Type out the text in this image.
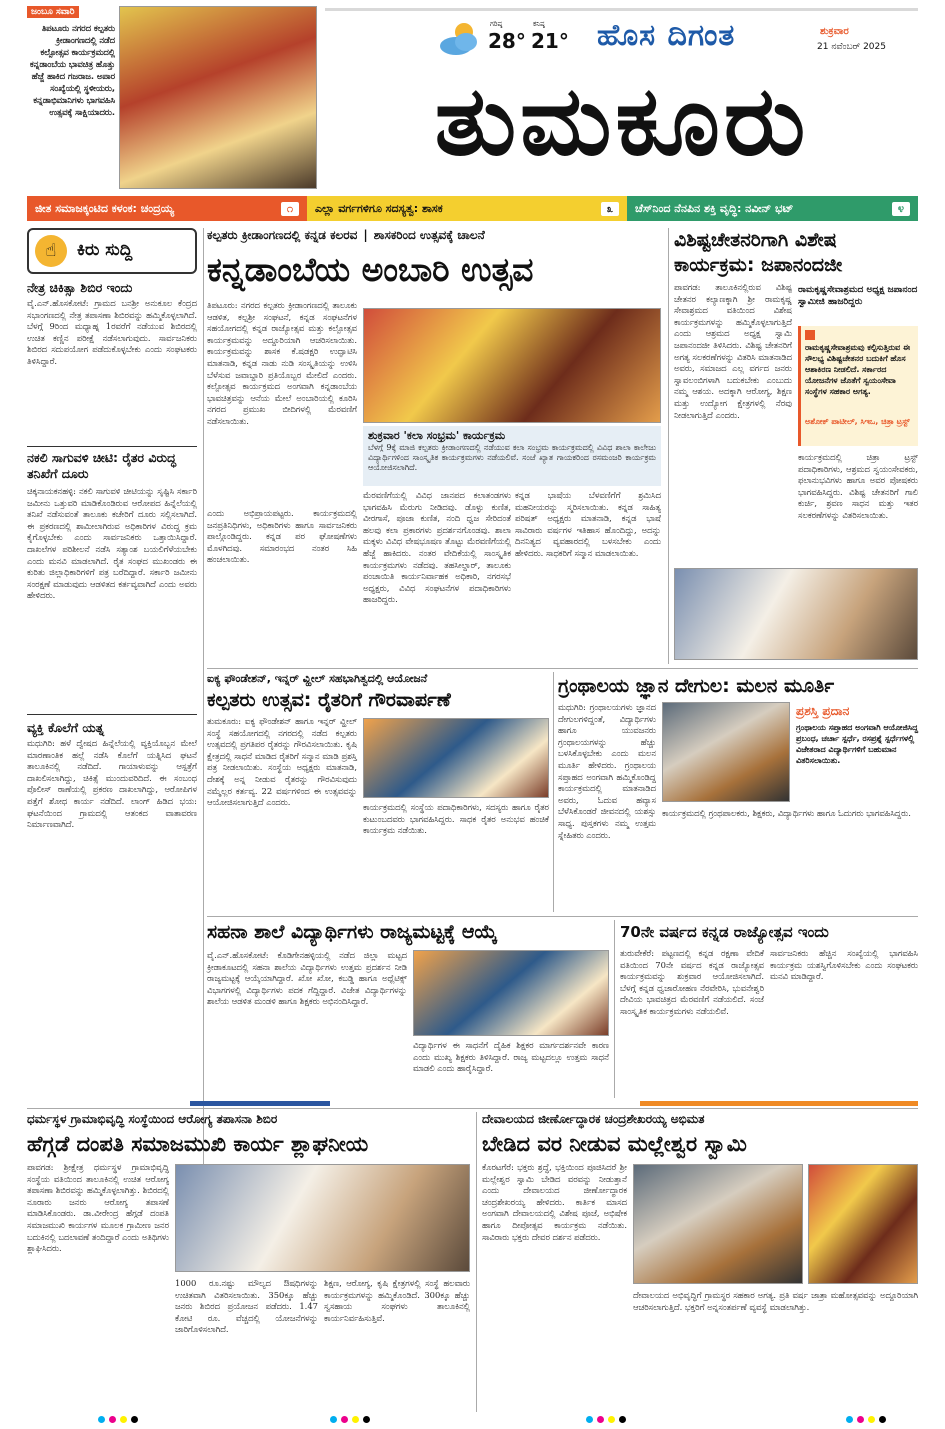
ಜಂಬೂ ಸವಾರಿ
ತಿಪಟೂರು ನಗರದ ಕಲ್ಪತರು ಕ್ರೀಡಾಂಗಣದಲ್ಲಿ ನಡೆದ ಕಲ್ಪೋತ್ಸವ ಕಾರ್ಯಕ್ರಮದಲ್ಲಿ ಕನ್ನಡಾಂಬೆಯ ಭಾವಚಿತ್ರ ಹೊತ್ತು ಹೆಜ್ಜೆ ಹಾಕಿದ ಗಜರಾಜ. ಅಪಾರ ಸಂಖ್ಯೆಯಲ್ಲಿ ಸ್ಥಳೀಯರು, ಕನ್ನಡಾಭಿಮಾನಿಗಳು ಭಾಗವಹಿಸಿ ಉತ್ಸವಕ್ಕೆ ಸಾಕ್ಷಿಯಾದರು.
ಗರಿಷ್ಠ
28°
ಕನಿಷ್ಠ
21° ಹೊಸ ದಿಗಂತ	ಶುಕ್ರವಾರ
21 ನವೆಂಬರ್ 2025
ತುಮಕೂರು
ಜೀತ ಸಮಾಜಕ್ಕಂಟಿದ ಕಳಂಕ: ಚಂದ್ರಯ್ಯ	೧	ಎಲ್ಲಾ ವರ್ಗಗಳಿಗೂ ಸದಸ್ಯತ್ವ: ಶಾಸಕ	೩	ಚೆಸ್‌ನಿಂದ ನೆನಪಿನ ಶಕ್ತಿ ವೃದ್ಧಿ: ನವೀನ್ ಭಟ್	೪
☝	ಕಿರು ಸುದ್ದಿ
ನೇತ್ರ ಚಿಕಿತ್ಸಾ ಶಿಬಿರ ಇಂದು
ವೈ.ಎನ್.ಹೊಸಕೋಟೆ: ಗ್ರಾಮದ ಬನಶ್ರೀ ಅನುಕೂಲ ಕೆಂದ್ರದ ಸಭಾಂಗಣದಲ್ಲಿ ನೇತ್ರ ತಪಾಸಣಾ ಶಿಬಿರವನ್ನು ಹಮ್ಮಿಕೊಳ್ಳಲಾಗಿದೆ. ಬೆಳಗ್ಗೆ 9ರಿಂದ ಮಧ್ಯಾಹ್ನ 1ರವರೆಗೆ ನಡೆಯುವ ಶಿಬಿರದಲ್ಲಿ ಉಚಿತ ಕಣ್ಣಿನ ಪರೀಕ್ಷೆ ನಡೆಸಲಾಗುವುದು. ಸಾರ್ವಜನಿಕರು ಶಿಬಿರದ ಸದುಪಯೋಗ ಪಡೆದುಕೊಳ್ಳಬೇಕು ಎಂದು ಸಂಘಟಕರು ತಿಳಿಸಿದ್ದಾರೆ.
ನಕಲಿ ಸಾಗುವಳಿ ಚೀಟಿ: ರೈತರ ವಿರುದ್ಧ ತನಿಖೆಗೆ ದೂರು
ಚಿಕ್ಕನಾಯಕನಹಳ್ಳಿ: ನಕಲಿ ಸಾಗುವಳಿ ಚೀಟಿಯನ್ನು ಸೃಷ್ಟಿಸಿ ಸರ್ಕಾರಿ ಜಮೀನು ಒತ್ತುವರಿ ಮಾಡಿಕೊಂಡಿರುವ ಆರೋಪದ ಹಿನ್ನೆಲೆಯಲ್ಲಿ ತನಿಖೆ ನಡೆಸುವಂತೆ ತಾಲೂಕು ಕಚೇರಿಗೆ ದೂರು ಸಲ್ಲಿಸಲಾಗಿದೆ. ಈ ಪ್ರಕರಣದಲ್ಲಿ ಶಾಮೀಲಾಗಿರುವ ಅಧಿಕಾರಿಗಳ ವಿರುದ್ಧ ಕ್ರಮ ಕೈಗೊಳ್ಳಬೇಕು ಎಂದು ಸಾರ್ವಜನಿಕರು ಒತ್ತಾಯಿಸಿದ್ದಾರೆ. ದಾಖಲೆಗಳ ಪರಿಶೀಲನೆ ನಡೆಸಿ ಸತ್ಯಾಂಶ ಬಯಲಿಗೆಳೆಯಬೇಕು ಎಂದು ಮನವಿ ಮಾಡಲಾಗಿದೆ. ರೈತ ಸಂಘದ ಮುಖಂಡರು ಈ ಕುರಿತು ಜಿಲ್ಲಾಧಿಕಾರಿಗಳಿಗೆ ಪತ್ರ ಬರೆದಿದ್ದಾರೆ. ಸರ್ಕಾರಿ ಜಮೀನು ಸಂರಕ್ಷಣೆ ಮಾಡುವುದು ಆಡಳಿತದ ಕರ್ತವ್ಯವಾಗಿದೆ ಎಂದು ಅವರು ಹೇಳಿದರು.
ವ್ಯಕ್ತಿ ಕೊಲೆಗೆ ಯತ್ನ
ಮಧುಗಿರಿ: ಹಳೆ ದ್ವೇಷದ ಹಿನ್ನೆಲೆಯಲ್ಲಿ ವ್ಯಕ್ತಿಯೊಬ್ಬನ ಮೇಲೆ ಮಾರಣಾಂತಿಕ ಹಲ್ಲೆ ನಡೆಸಿ ಕೊಲೆಗೆ ಯತ್ನಿಸಿದ ಘಟನೆ ತಾಲೂಕಿನಲ್ಲಿ ನಡೆದಿದೆ. ಗಾಯಾಳುವನ್ನು ಆಸ್ಪತ್ರೆಗೆ ದಾಖಲಿಸಲಾಗಿದ್ದು, ಚಿಕಿತ್ಸೆ ಮುಂದುವರಿದಿದೆ. ಈ ಸಂಬಂಧ ಪೊಲೀಸ್ ಠಾಣೆಯಲ್ಲಿ ಪ್ರಕರಣ ದಾಖಲಾಗಿದ್ದು, ಆರೋಪಿಗಳ ಪತ್ತೆಗೆ ಶೋಧ ಕಾರ್ಯ ನಡೆದಿದೆ. ಲಾಂಗ್ ಹಿಡಿದ ಭಯ: ಘಟನೆಯಿಂದ ಗ್ರಾಮದಲ್ಲಿ ಆತಂಕದ ವಾತಾವರಣ ನಿರ್ಮಾಣವಾಗಿದೆ.
ಕಲ್ಪತರು ಕ್ರೀಡಾಂಗಣದಲ್ಲಿ ಕನ್ನಡ ಕಲರವ | ಶಾಸಕರಿಂದ ಉತ್ಸವಕ್ಕೆ ಚಾಲನೆ
ಕನ್ನಡಾಂಬೆಯ ಅಂಬಾರಿ ಉತ್ಸವ
ತಿಪಟೂರು: ನಗರದ ಕಲ್ಪತರು ಕ್ರೀಡಾಂಗಣದಲ್ಲಿ ತಾಲೂಕು ಆಡಳಿತ, ಕಲ್ಪಶ್ರೀ ಸಂಘಟನೆ, ಕನ್ನಡ ಸಂಘಟನೆಗಳ ಸಹಯೋಗದಲ್ಲಿ ಕನ್ನಡ ರಾಜ್ಯೋತ್ಸವ ಮತ್ತು ಕಲ್ಪೋತ್ಸವ ಕಾರ್ಯಕ್ರಮವನ್ನು ಅದ್ದೂರಿಯಾಗಿ ಆಚರಿಸಲಾಯಿತು. ಕಾರ್ಯಕ್ರಮವನ್ನು ಶಾಸಕ ಕೆ.ಷಡಕ್ಷರಿ ಉದ್ಘಾಟಿಸಿ ಮಾತನಾಡಿ, ಕನ್ನಡ ನಾಡು ನುಡಿ ಸಂಸ್ಕೃತಿಯನ್ನು ಉಳಿಸಿ ಬೆಳೆಸುವ ಜವಾಬ್ದಾರಿ ಪ್ರತಿಯೊಬ್ಬರ ಮೇಲಿದೆ ಎಂದರು. ಕಲ್ಪೋತ್ಸವ ಕಾರ್ಯಕ್ರಮದ ಅಂಗವಾಗಿ ಕನ್ನಡಾಂಬೆಯ ಭಾವಚಿತ್ರವನ್ನು ಆನೆಯ ಮೇಲೆ ಅಂಬಾರಿಯಲ್ಲಿ ಕೂರಿಸಿ ನಗರದ ಪ್ರಮುಖ ಬೀದಿಗಳಲ್ಲಿ ಮೆರವಣಿಗೆ ನಡೆಸಲಾಯಿತು.
ಶುಕ್ರವಾರ 'ಕಲಾ ಸಂಭ್ರಮ' ಕಾರ್ಯಕ್ರಮ
ಬೆಳಗ್ಗೆ 9ಕ್ಕೆ ಮಾಜಿ ಕಲ್ಪತರು ಕ್ರೀಡಾಂಗಣದಲ್ಲಿ ನಡೆಯುವ ಕಲಾ ಸಂಭ್ರಮ ಕಾರ್ಯಕ್ರಮದಲ್ಲಿ ವಿವಿಧ ಶಾಲಾ ಕಾಲೇಜು ವಿದ್ಯಾರ್ಥಿಗಳಿಂದ ಸಾಂಸ್ಕೃತಿಕ ಕಾರ್ಯಕ್ರಮಗಳು ನಡೆಯಲಿವೆ. ಸಂಜೆ ಖ್ಯಾತ ಗಾಯಕರಿಂದ ರಸಮಂಜರಿ ಕಾರ್ಯಕ್ರಮ ಆಯೋಜಿಸಲಾಗಿದೆ.
ಮೆರವಣಿಗೆಯಲ್ಲಿ ವಿವಿಧ ಜಾನಪದ ಕಲಾತಂಡಗಳು ಭಾಗವಹಿಸಿ ಮೆರುಗು ನೀಡಿದವು. ಡೊಳ್ಳು ಕುಣಿತ, ವೀರಗಾಸೆ, ಪೂಜಾ ಕುಣಿತ, ನಂದಿ ಧ್ವಜ ಸೇರಿದಂತೆ ಹಲವು ಕಲಾ ಪ್ರಕಾರಗಳು ಪ್ರದರ್ಶನಗೊಂಡವು. ಶಾಲಾ ಮಕ್ಕಳು ವಿವಿಧ ವೇಷಭೂಷಣ ತೊಟ್ಟು ಮೆರವಣಿಗೆಯಲ್ಲಿ ಹೆಜ್ಜೆ ಹಾಕಿದರು. ನಂತರ ವೇದಿಕೆಯಲ್ಲಿ ಸಾಂಸ್ಕೃತಿಕ ಕಾರ್ಯಕ್ರಮಗಳು ನಡೆದವು. ತಹಸೀಲ್ದಾರ್, ತಾಲೂಕು ಪಂಚಾಯಿತಿ ಕಾರ್ಯನಿರ್ವಾಹಕ ಅಧಿಕಾರಿ, ನಗರಸಭೆ ಅಧ್ಯಕ್ಷರು, ವಿವಿಧ ಸಂಘಟನೆಗಳ ಪದಾಧಿಕಾರಿಗಳು ಹಾಜರಿದ್ದರು.
ಕನ್ನಡ ಭಾಷೆಯ ಬೆಳವಣಿಗೆಗೆ ಶ್ರಮಿಸಿದ ಮಹನೀಯರನ್ನು ಸ್ಮರಿಸಲಾಯಿತು. ಕನ್ನಡ ಸಾಹಿತ್ಯ ಪರಿಷತ್ ಅಧ್ಯಕ್ಷರು ಮಾತನಾಡಿ, ಕನ್ನಡ ಭಾಷೆ ಸಾವಿರಾರು ವರ್ಷಗಳ ಇತಿಹಾಸ ಹೊಂದಿದ್ದು, ಅದನ್ನು ದಿನನಿತ್ಯದ ವ್ಯವಹಾರದಲ್ಲಿ ಬಳಸಬೇಕು ಎಂದು ಹೇಳಿದರು. ಸಾಧಕರಿಗೆ ಸನ್ಮಾನ ಮಾಡಲಾಯಿತು.
ಎಂದು ಅಭಿಪ್ರಾಯಪಟ್ಟರು. ಕಾರ್ಯಕ್ರಮದಲ್ಲಿ ಜನಪ್ರತಿನಿಧಿಗಳು, ಅಧಿಕಾರಿಗಳು ಹಾಗೂ ಸಾರ್ವಜನಿಕರು ಪಾಲ್ಗೊಂಡಿದ್ದರು. ಕನ್ನಡ ಪರ ಘೋಷಣೆಗಳು ಮೊಳಗಿದವು. ಸಮಾರಂಭದ ನಂತರ ಸಿಹಿ ಹಂಚಲಾಯಿತು.
ವಿಶಿಷ್ಟಚೇತನರಿಗಾಗಿ ವಿಶೇಷ ಕಾರ್ಯಕ್ರಮ: ಜಪಾನಂದಜೀ
ಪಾವಗಡ: ತಾಲೂಕಿನಲ್ಲಿರುವ ವಿಶಿಷ್ಟ ಚೇತನರ ಕಲ್ಯಾಣಕ್ಕಾಗಿ ಶ್ರೀ ರಾಮಕೃಷ್ಣ ಸೇವಾಶ್ರಮದ ವತಿಯಿಂದ ವಿಶೇಷ ಕಾರ್ಯಕ್ರಮಗಳನ್ನು ಹಮ್ಮಿಕೊಳ್ಳಲಾಗುತ್ತಿದೆ ಎಂದು ಆಶ್ರಮದ ಅಧ್ಯಕ್ಷ ಸ್ವಾಮಿ ಜಪಾನಂದಜೀ ತಿಳಿಸಿದರು. ವಿಶಿಷ್ಟ ಚೇತನರಿಗೆ ಅಗತ್ಯ ಸಲಕರಣೆಗಳನ್ನು ವಿತರಿಸಿ ಮಾತನಾಡಿದ ಅವರು, ಸಮಾಜದ ಎಲ್ಲ ವರ್ಗದ ಜನರು ಸ್ವಾವಲಂಬಿಗಳಾಗಿ ಬದುಕಬೇಕು ಎಂಬುದು ನಮ್ಮ ಆಶಯ. ಅದಕ್ಕಾಗಿ ಆರೋಗ್ಯ, ಶಿಕ್ಷಣ ಮತ್ತು ಉದ್ಯೋಗ ಕ್ಷೇತ್ರಗಳಲ್ಲಿ ನೆರವು ನೀಡಲಾಗುತ್ತಿದೆ ಎಂದರು.
ರಾಮಕೃಷ್ಣಸೇವಾಶ್ರಮದ ಅಧ್ಯಕ್ಷ ಜಪಾನಂದ ಸ್ವಾಮೀಜಿ ಹಾಜರಿದ್ದರು
ರಾಮಕೃಷ್ಣಸೇವಾಶ್ರಮವು ಕಲ್ಪಿಸುತ್ತಿರುವ ಈ ಸೌಲಭ್ಯ ವಿಶಿಷ್ಟಚೇತನರ ಬದುಕಿಗೆ ಹೊಸ ಆಶಾಕಿರಣ ನೀಡಲಿದೆ. ಸರ್ಕಾರದ ಯೋಜನೆಗಳ ಜೊತೆಗೆ ಸ್ವಯಂಸೇವಾ ಸಂಸ್ಥೆಗಳ ಸಹಕಾರ ಅಗತ್ಯ.
ಅಶೋಕ್ ಪಾಟೀಲ್, ಸಿಇಒ, ಚಿತ್ರಾ ಟ್ರಸ್ಟ್
ಕಾರ್ಯಕ್ರಮದಲ್ಲಿ ಚಿತ್ರಾ ಟ್ರಸ್ಟ್ ಪದಾಧಿಕಾರಿಗಳು, ಆಶ್ರಮದ ಸ್ವಯಂಸೇವಕರು, ಫಲಾನುಭವಿಗಳು ಹಾಗೂ ಅವರ ಪೋಷಕರು ಭಾಗವಹಿಸಿದ್ದರು. ವಿಶಿಷ್ಟ ಚೇತನರಿಗೆ ಗಾಲಿ ಕುರ್ಚಿ, ಶ್ರವಣ ಸಾಧನ ಮತ್ತು ಇತರ ಸಲಕರಣೆಗಳನ್ನು ವಿತರಿಸಲಾಯಿತು.
ಐಕ್ಯ ಫೌಂಡೇಶನ್, ಇನ್ನರ್ ವ್ಹೀಲ್ ಸಹಭಾಗಿತ್ವದಲ್ಲಿ ಆಯೋಜನೆ
ಕಲ್ಪತರು ಉತ್ಸವ: ರೈತರಿಗೆ ಗೌರವಾರ್ಪಣೆ
ತುಮಕೂರು: ಐಕ್ಯ ಫೌಂಡೇಶನ್ ಹಾಗೂ ಇನ್ನರ್ ವ್ಹೀಲ್ ಸಂಸ್ಥೆ ಸಹಯೋಗದಲ್ಲಿ ನಗರದಲ್ಲಿ ನಡೆದ ಕಲ್ಪತರು ಉತ್ಸವದಲ್ಲಿ ಪ್ರಗತಿಪರ ರೈತರನ್ನು ಗೌರವಿಸಲಾಯಿತು. ಕೃಷಿ ಕ್ಷೇತ್ರದಲ್ಲಿ ಸಾಧನೆ ಮಾಡಿದ ರೈತರಿಗೆ ಸನ್ಮಾನ ಮಾಡಿ ಪ್ರಶಸ್ತಿ ಪತ್ರ ನೀಡಲಾಯಿತು. ಸಂಸ್ಥೆಯ ಅಧ್ಯಕ್ಷರು ಮಾತನಾಡಿ, ದೇಶಕ್ಕೆ ಅನ್ನ ನೀಡುವ ರೈತರನ್ನು ಗೌರವಿಸುವುದು ನಮ್ಮೆಲ್ಲರ ಕರ್ತವ್ಯ. 22 ವರ್ಷಗಳಿಂದ ಈ ಉತ್ಸವವನ್ನು ಆಯೋಜಿಸಲಾಗುತ್ತಿದೆ ಎಂದರು.	ಕಾರ್ಯಕ್ರಮದಲ್ಲಿ ಸಂಸ್ಥೆಯ ಪದಾಧಿಕಾರಿಗಳು, ಸದಸ್ಯರು ಹಾಗೂ ರೈತರ ಕುಟುಂಬದವರು ಭಾಗವಹಿಸಿದ್ದರು. ಸಾಧಕ ರೈತರ ಅನುಭವ ಹಂಚಿಕೆ ಕಾರ್ಯಕ್ರಮ ನಡೆಯಿತು.
ಗ್ರಂಥಾಲಯ ಜ್ಞಾನ ದೇಗುಲ: ಮಲನ ಮೂರ್ತಿ
ಮಧುಗಿರಿ: ಗ್ರಂಥಾಲಯಗಳು ಜ್ಞಾನದ ದೇಗುಲಗಳಿದ್ದಂತೆ, ವಿದ್ಯಾರ್ಥಿಗಳು ಹಾಗೂ ಯುವಜನರು ಗ್ರಂಥಾಲಯಗಳನ್ನು ಹೆಚ್ಚು ಬಳಸಿಕೊಳ್ಳಬೇಕು ಎಂದು ಮಲನ ಮೂರ್ತಿ ಹೇಳಿದರು. ಗ್ರಂಥಾಲಯ ಸಪ್ತಾಹದ ಅಂಗವಾಗಿ ಹಮ್ಮಿಕೊಂಡಿದ್ದ ಕಾರ್ಯಕ್ರಮದಲ್ಲಿ ಮಾತನಾಡಿದ ಅವರು, ಓದುವ ಹವ್ಯಾಸ ಬೆಳೆಸಿಕೊಂಡರೆ ಜೀವನದಲ್ಲಿ ಯಶಸ್ಸು ಸಾಧ್ಯ. ಪುಸ್ತಕಗಳು ನಮ್ಮ ಉತ್ತಮ ಸ್ನೇಹಿತರು ಎಂದರು.
ಪ್ರಶಸ್ತಿ ಪ್ರದಾನ
ಗ್ರಂಥಾಲಯ ಸಪ್ತಾಹದ ಅಂಗವಾಗಿ ಆಯೋಜಿಸಿದ್ದ ಪ್ರಬಂಧ, ಚರ್ಚಾ ಸ್ಪರ್ಧೆ, ರಸಪ್ರಶ್ನೆ ಸ್ಪರ್ಧೆಗಳಲ್ಲಿ ವಿಜೇತರಾದ ವಿದ್ಯಾರ್ಥಿಗಳಿಗೆ ಬಹುಮಾನ ವಿತರಿಸಲಾಯಿತು.
ಕಾರ್ಯಕ್ರಮದಲ್ಲಿ ಗ್ರಂಥಪಾಲಕರು, ಶಿಕ್ಷಕರು, ವಿದ್ಯಾರ್ಥಿಗಳು ಹಾಗೂ ಓದುಗರು ಭಾಗವಹಿಸಿದ್ದರು.
ಸಹನಾ ಶಾಲೆ ವಿದ್ಯಾರ್ಥಿಗಳು ರಾಜ್ಯಮಟ್ಟಕ್ಕೆ ಆಯ್ಕೆ
ವೈ.ಎನ್.ಹೊಸಕೋಟೆ: ಕೊಡಿಗೇನಹಳ್ಳಿಯಲ್ಲಿ ನಡೆದ ಜಿಲ್ಲಾ ಮಟ್ಟದ ಕ್ರೀಡಾಕೂಟದಲ್ಲಿ ಸಹನಾ ಶಾಲೆಯ ವಿದ್ಯಾರ್ಥಿಗಳು ಉತ್ತಮ ಪ್ರದರ್ಶನ ನೀಡಿ ರಾಜ್ಯಮಟ್ಟಕ್ಕೆ ಆಯ್ಕೆಯಾಗಿದ್ದಾರೆ. ಖೋ ಖೋ, ಕಬಡ್ಡಿ ಹಾಗೂ ಅಥ್ಲೆಟಿಕ್ಸ್ ವಿಭಾಗಗಳಲ್ಲಿ ವಿದ್ಯಾರ್ಥಿಗಳು ಪದಕ ಗೆದ್ದಿದ್ದಾರೆ. ವಿಜೇತ ವಿದ್ಯಾರ್ಥಿಗಳನ್ನು ಶಾಲೆಯ ಆಡಳಿತ ಮಂಡಳಿ ಹಾಗೂ ಶಿಕ್ಷಕರು ಅಭಿನಂದಿಸಿದ್ದಾರೆ.
ವಿದ್ಯಾರ್ಥಿಗಳ ಈ ಸಾಧನೆಗೆ ದೈಹಿಕ ಶಿಕ್ಷಕರ ಮಾರ್ಗದರ್ಶನವೇ ಕಾರಣ ಎಂದು ಮುಖ್ಯ ಶಿಕ್ಷಕರು ತಿಳಿಸಿದ್ದಾರೆ. ರಾಜ್ಯ ಮಟ್ಟದಲ್ಲೂ ಉತ್ತಮ ಸಾಧನೆ ಮಾಡಲಿ ಎಂದು ಹಾರೈಸಿದ್ದಾರೆ.
70ನೇ ವರ್ಷದ ಕನ್ನಡ ರಾಜ್ಯೋತ್ಸವ ಇಂದು
ತುರುವೇಕೆರೆ: ಪಟ್ಟಣದಲ್ಲಿ ಕನ್ನಡ ರಕ್ಷಣಾ ವೇದಿಕೆ ವತಿಯಿಂದ 70ನೇ ವರ್ಷದ ಕನ್ನಡ ರಾಜ್ಯೋತ್ಸವ ಕಾರ್ಯಕ್ರಮವನ್ನು ಶುಕ್ರವಾರ ಆಯೋಜಿಸಲಾಗಿದೆ. ಬೆಳಗ್ಗೆ ಕನ್ನಡ ಧ್ವಜಾರೋಹಣ ನೆರವೇರಿಸಿ, ಭುವನೇಶ್ವರಿ ದೇವಿಯ ಭಾವಚಿತ್ರದ ಮೆರವಣಿಗೆ ನಡೆಯಲಿದೆ. ಸಂಜೆ ಸಾಂಸ್ಕೃತಿಕ ಕಾರ್ಯಕ್ರಮಗಳು ನಡೆಯಲಿವೆ.
ಸಾರ್ವಜನಿಕರು ಹೆಚ್ಚಿನ ಸಂಖ್ಯೆಯಲ್ಲಿ ಭಾಗವಹಿಸಿ ಕಾರ್ಯಕ್ರಮ ಯಶಸ್ವಿಗೊಳಿಸಬೇಕು ಎಂದು ಸಂಘಟಕರು ಮನವಿ ಮಾಡಿದ್ದಾರೆ.
ಧರ್ಮಸ್ಥಳ ಗ್ರಾಮಾಭಿವೃದ್ಧಿ ಸಂಸ್ಥೆಯಿಂದ ಆರೋಗ್ಯ ತಪಾಸನಾ ಶಿಬಿರ
ಹೆಗ್ಗಡೆ ದಂಪತಿ ಸಮಾಜಮುಖಿ ಕಾರ್ಯ ಶ್ಲಾಘನೀಯ
ಪಾವಗಡ: ಶ್ರೀಕ್ಷೇತ್ರ ಧರ್ಮಸ್ಥಳ ಗ್ರಾಮಾಭಿವೃದ್ಧಿ ಸಂಸ್ಥೆಯ ವತಿಯಿಂದ ತಾಲೂಕಿನಲ್ಲಿ ಉಚಿತ ಆರೋಗ್ಯ ತಪಾಸಣಾ ಶಿಬಿರವನ್ನು ಹಮ್ಮಿಕೊಳ್ಳಲಾಗಿತ್ತು. ಶಿಬಿರದಲ್ಲಿ ನೂರಾರು ಜನರು ಆರೋಗ್ಯ ತಪಾಸಣೆ ಮಾಡಿಸಿಕೊಂಡರು. ಡಾ.ವೀರೇಂದ್ರ ಹೆಗ್ಗಡೆ ದಂಪತಿ ಸಮಾಜಮುಖಿ ಕಾರ್ಯಗಳ ಮೂಲಕ ಗ್ರಾಮೀಣ ಜನರ ಬದುಕಿನಲ್ಲಿ ಬದಲಾವಣೆ ತಂದಿದ್ದಾರೆ ಎಂದು ಅತಿಥಿಗಳು ಶ್ಲಾಘಿಸಿದರು.
1000 ರೂ.ನಷ್ಟು ಮೌಲ್ಯದ ಔಷಧಿಗಳನ್ನು ಉಚಿತವಾಗಿ ವಿತರಿಸಲಾಯಿತು. 350ಕ್ಕೂ ಹೆಚ್ಚು ಜನರು ಶಿಬಿರದ ಪ್ರಯೋಜನ ಪಡೆದರು. 1.47 ಕೋಟಿ ರೂ. ವೆಚ್ಚದಲ್ಲಿ ಯೋಜನೆಗಳನ್ನು ಜಾರಿಗೊಳಿಸಲಾಗಿದೆ.
ಶಿಕ್ಷಣ, ಆರೋಗ್ಯ, ಕೃಷಿ ಕ್ಷೇತ್ರಗಳಲ್ಲಿ ಸಂಸ್ಥೆ ಹಲವಾರು ಕಾರ್ಯಕ್ರಮಗಳನ್ನು ಹಮ್ಮಿಕೊಂಡಿದೆ. 300ಕ್ಕೂ ಹೆಚ್ಚು ಸ್ವಸಹಾಯ ಸಂಘಗಳು ತಾಲೂಕಿನಲ್ಲಿ ಕಾರ್ಯನಿರ್ವಹಿಸುತ್ತಿವೆ.
ದೇವಾಲಯದ ಜೀರ್ಣೋದ್ಧಾರಕ ಚಂದ್ರಶೇಖರಯ್ಯ ಅಭಿಮತ
ಬೇಡಿದ ವರ ನೀಡುವ ಮಲ್ಲೇಶ್ವರ ಸ್ವಾಮಿ
ಕೊರಟಗೆರೆ: ಭಕ್ತರು ಶ್ರದ್ಧೆ, ಭಕ್ತಿಯಿಂದ ಪೂಜಿಸಿದರೆ ಶ್ರೀ ಮಲ್ಲೇಶ್ವರ ಸ್ವಾಮಿ ಬೇಡಿದ ವರವನ್ನು ನೀಡುತ್ತಾನೆ ಎಂದು ದೇವಾಲಯದ ಜೀರ್ಣೋದ್ಧಾರಕ ಚಂದ್ರಶೇಖರಯ್ಯ ಹೇಳಿದರು. ಕಾರ್ತಿಕ ಮಾಸದ ಅಂಗವಾಗಿ ದೇವಾಲಯದಲ್ಲಿ ವಿಶೇಷ ಪೂಜೆ, ಅಭಿಷೇಕ ಹಾಗೂ ದೀಪೋತ್ಸವ ಕಾರ್ಯಕ್ರಮ ನಡೆಯಿತು. ಸಾವಿರಾರು ಭಕ್ತರು ದೇವರ ದರ್ಶನ ಪಡೆದರು.
ದೇವಾಲಯದ ಅಭಿವೃದ್ಧಿಗೆ ಗ್ರಾಮಸ್ಥರ ಸಹಕಾರ ಅಗತ್ಯ. ಪ್ರತಿ ವರ್ಷ ಜಾತ್ರಾ ಮಹೋತ್ಸವವನ್ನು ಅದ್ದೂರಿಯಾಗಿ ಆಚರಿಸಲಾಗುತ್ತಿದೆ. ಭಕ್ತರಿಗೆ ಅನ್ನಸಂತರ್ಪಣೆ ವ್ಯವಸ್ಥೆ ಮಾಡಲಾಗಿತ್ತು.
